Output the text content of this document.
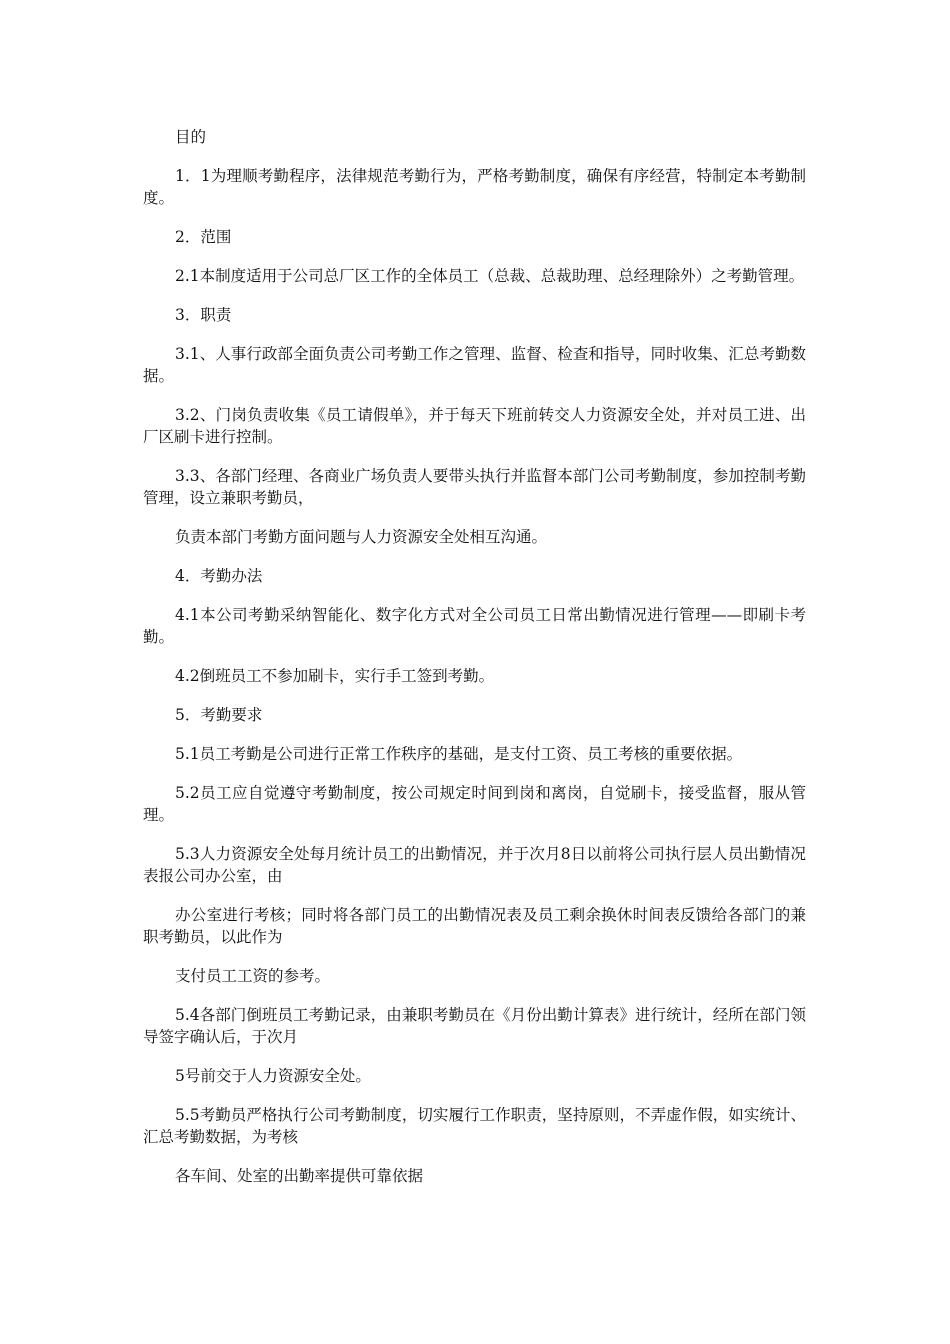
目的

1．1为理顺考勤程序，法律规范考勤行为，严格考勤制度，确保有序经营，特制定本考勤制度。

2．范围

2.1本制度适用于公司总厂区工作的全体员工（总裁、总裁助理、总经理除外）之考勤管理。

3．职责

3.1、人事行政部全面负责公司考勤工作之管理、监督、检查和指导，同时收集、汇总考勤数据。

3.2、门岗负责收集《员工请假单》，并于每天下班前转交人力资源安全处，并对员工进、出厂区刷卡进行控制。

3.3、各部门经理、各商业广场负责人要带头执行并监督本部门公司考勤制度，参加控制考勤管理，设立兼职考勤员，

负责本部门考勤方面问题与人力资源安全处相互沟通。

4．考勤办法

4.1本公司考勤采纳智能化、数字化方式对全公司员工日常出勤情况进行管理——即刷卡考勤。

4.2倒班员工不参加刷卡，实行手工签到考勤。

5．考勤要求

5.1员工考勤是公司进行正常工作秩序的基础，是支付工资、员工考核的重要依据。

5.2员工应自觉遵守考勤制度，按公司规定时间到岗和离岗，自觉刷卡，接受监督，服从管理。

5.3人力资源安全处每月统计员工的出勤情况，并于次月8日以前将公司执行层人员出勤情况表报公司办公室，由

办公室进行考核；同时将各部门员工的出勤情况表及员工剩余换休时间表反馈给各部门的兼职考勤员，以此作为

支付员工工资的参考。

5.4各部门倒班员工考勤记录，由兼职考勤员在《月份出勤计算表》进行统计，经所在部门领导签字确认后，于次月

5号前交于人力资源安全处。

5.5考勤员严格执行公司考勤制度，切实履行工作职责，坚持原则，不弄虚作假，如实统计、汇总考勤数据，为考核

各车间、处室的出勤率提供可靠依据
